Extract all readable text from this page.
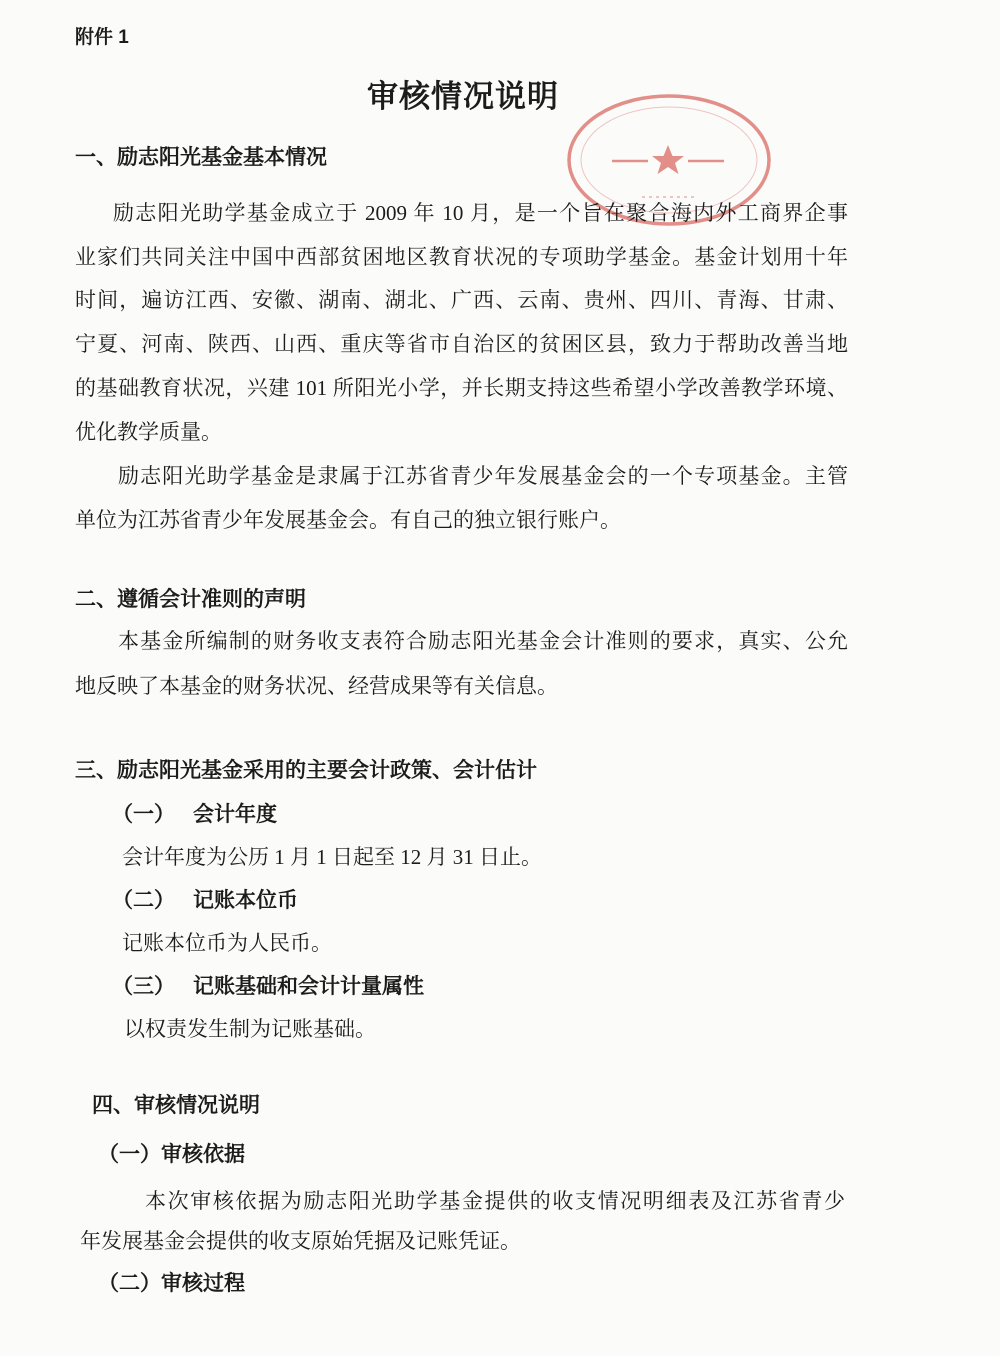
附件 1
审核情况说明
一、励志阳光基金基本情况
励志阳光助学基金成立于 2009 年 10 月，是一个旨在聚合海内外工商界企事
业家们共同关注中国中西部贫困地区教育状况的专项助学基金。基金计划用十年
时间，遍访江西、安徽、湖南、湖北、广西、云南、贵州、四川、青海、甘肃、
宁夏、河南、陕西、山西、重庆等省市自治区的贫困区县，致力于帮助改善当地
的基础教育状况，兴建 101 所阳光小学，并长期支持这些希望小学改善教学环境、
优化教学质量。
励志阳光助学基金是隶属于江苏省青少年发展基金会的一个专项基金。主管
单位为江苏省青少年发展基金会。有自己的独立银行账户。
二、遵循会计准则的声明
本基金所编制的财务收支表符合励志阳光基金会计准则的要求，真实、公允
地反映了本基金的财务状况、经营成果等有关信息。
三、励志阳光基金采用的主要会计政策、会计估计
（一） 会计年度
会计年度为公历 1 月 1 日起至 12 月 31 日止。
（二） 记账本位币
记账本位币为人民币。
（三） 记账基础和会计计量属性
以权责发生制为记账基础。
四、审核情况说明
（一）审核依据
本次审核依据为励志阳光助学基金提供的收支情况明细表及江苏省青少
年发展基金会提供的收支原始凭据及记账凭证。
（二）审核过程
